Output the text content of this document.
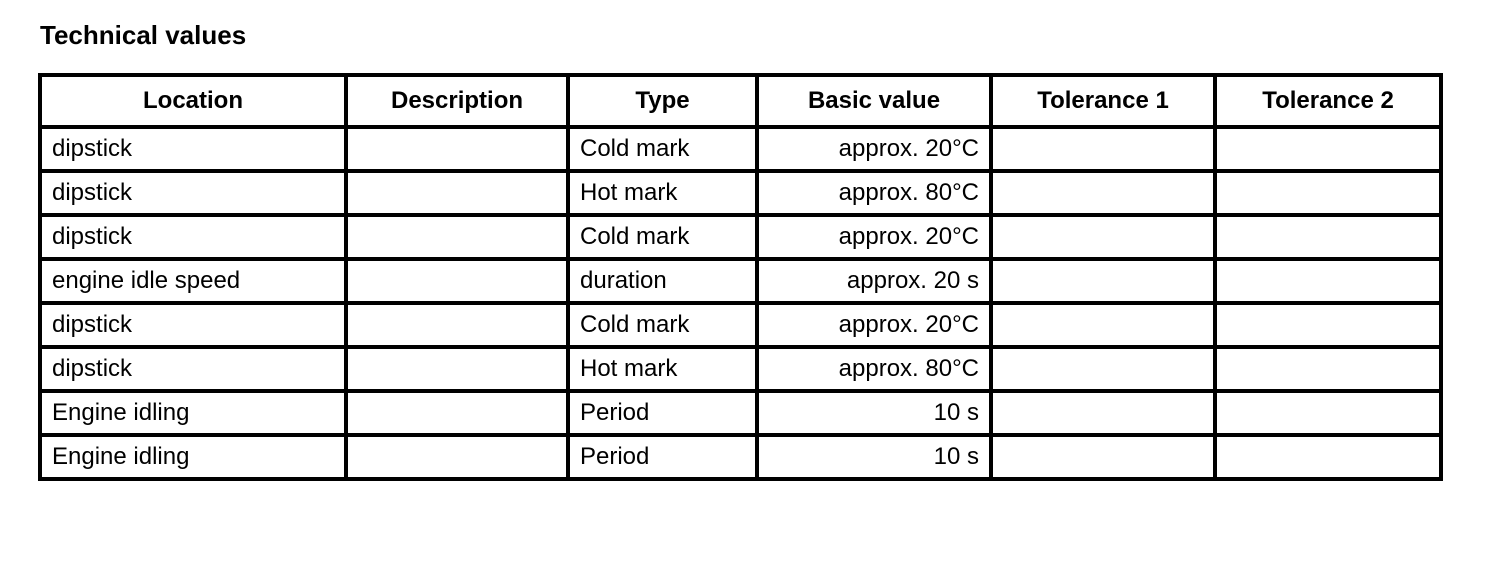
Technical values
Location	Description	Type	Basic value	Tolerance 1	Tolerance 2
dipstick		Cold mark	approx. 20°C		
dipstick		Hot mark	approx. 80°C		
dipstick		Cold mark	approx. 20°C		
engine idle speed		duration	approx. 20 s		
dipstick		Cold mark	approx. 20°C		
dipstick		Hot mark	approx. 80°C		
Engine idling		Period	10 s		
Engine idling		Period	10 s		
